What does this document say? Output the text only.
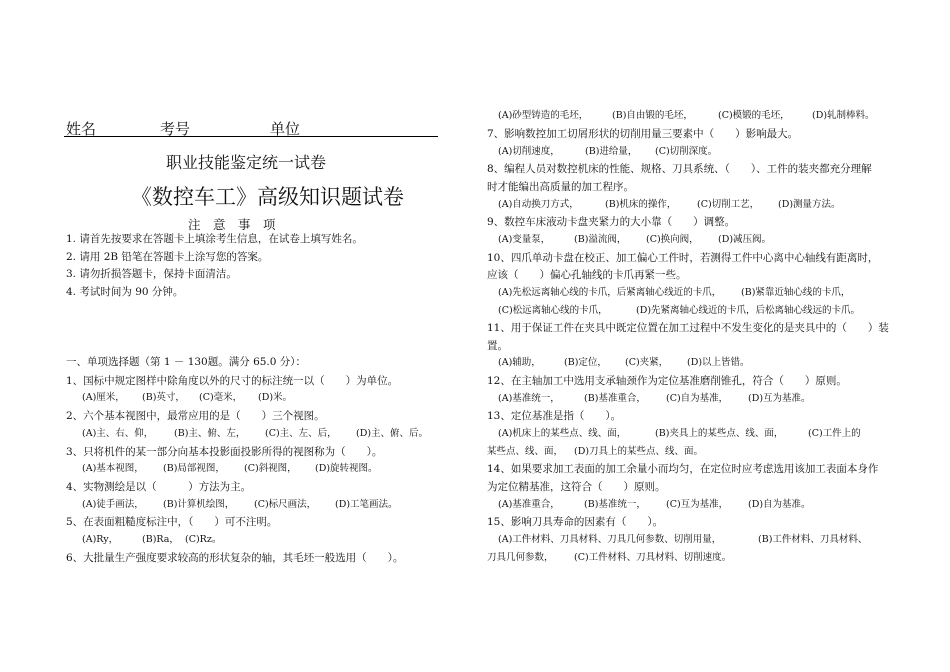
姓名	考号	单位
职业技能鉴定统一试卷
《数控车工》高级知识题试卷
注　意　事　项
1. 请首先按要求在答题卡上填涂考生信息，在试卷上填写姓名。
2. 请用 2B 铅笔在答题卡上涂写您的答案。
3. 请勿折损答题卡，保持卡面清洁。
4. 考试时间为 90 分钟。
一、单项选择题（第 1 － 130题。满分 65.0 分）：
1、国标中规定图样中除角度以外的尺寸的标注统一以（　　）为单位。
(A)厘米， (B)英寸， (C)毫米， (D)米。
2、六个基本视图中，最常应用的是（　　）三个视图。
(A)主、右、仰， (B)主、俯、左， (C)主、左、后， (D)主、俯、后。
3、只将机件的某一部分向基本投影面投影所得的视图称为（　　）。
(A)基本视图， (B)局部视图， (C)斜视图， (D)旋转视图。
4、实物测绘是以（　　　）方法为主。
(A)徒手画法， (B)计算机绘图， (C)标尺画法， (D)工笔画法。
5、在表面粗糙度标注中，（　　）可不注明。
(A)Ry，	(B)Ra， (C)Rz。
6、大批量生产强度要求较高的形状复杂的轴，其毛坯一般选用（　　）。
(A)砂型铸造的毛坯， (B)自由锻的毛坯，	(C)模锻的毛坯， (D)轧制棒料。
7、影响数控加工切屑形状的切削用量三要素中（　　）影响最大。
(A)切削速度，	(B)进给量， (C)切削深度。
8、编程人员对数控机床的性能、规格、刀具系统、（　　）、工件的装夹都充分理解
时才能编出高质量的加工程序。
(A)自动换刀方式，	(B)机床的操作， (C)切削工艺， (D)测量方法。
9、数控车床液动卡盘夹紧力的大小靠（　　）调整。
(A)变量泵， (B)溢流阀， (C)换向阀， (D)减压阀。
10、四爪单动卡盘在校正、加工偏心工件时，若测得工件中心离中心轴线有距离时，
应该（　　）偏心孔轴线的卡爪再紧一些。
(A)先松远离轴心线的卡爪，后紧离轴心线近的卡爪， (B)紧靠近轴心线的卡爪，
(C)松远离轴心线的卡爪，	(D)先紧离轴心线近的卡爪，后松离轴心线远的卡爪。
11、用于保证工件在夹具中既定位置在加工过程中不发生变化的是夹具中的（　　）装
置。
(A)辅助， (B)定位， (C)夹紧， (D)以上皆错。
12、在主轴加工中选用支承轴颈作为定位基准磨削锥孔，符合（　　）原则。
(A)基准统一，	(B)基准重合， (C)自为基准， (D)互为基准。
13、定位基准是指（　　）。
(A)机床上的某些点、线、面，	(B)夹具上的某些点、线、面，	(C)工件上的
某些点、线、面， (D)刀具上的某些点、线、面。
14、如果要求加工表面的加工余量小而均匀，在定位时应考虑选用该加工表面本身作
为定位精基准，这符合（　　）原则。
(A)基准重合，	(B)基准统一， (C)互为基准， (D)自为基准。
15、影响刀具寿命的因素有（　　）。
(A)工件材料、刀具材料、刀具几何参数、切削用量，	(B)工件材料、刀具材料、
刀具几何参数， (C)工件材料、刀具材料、切削速度。
